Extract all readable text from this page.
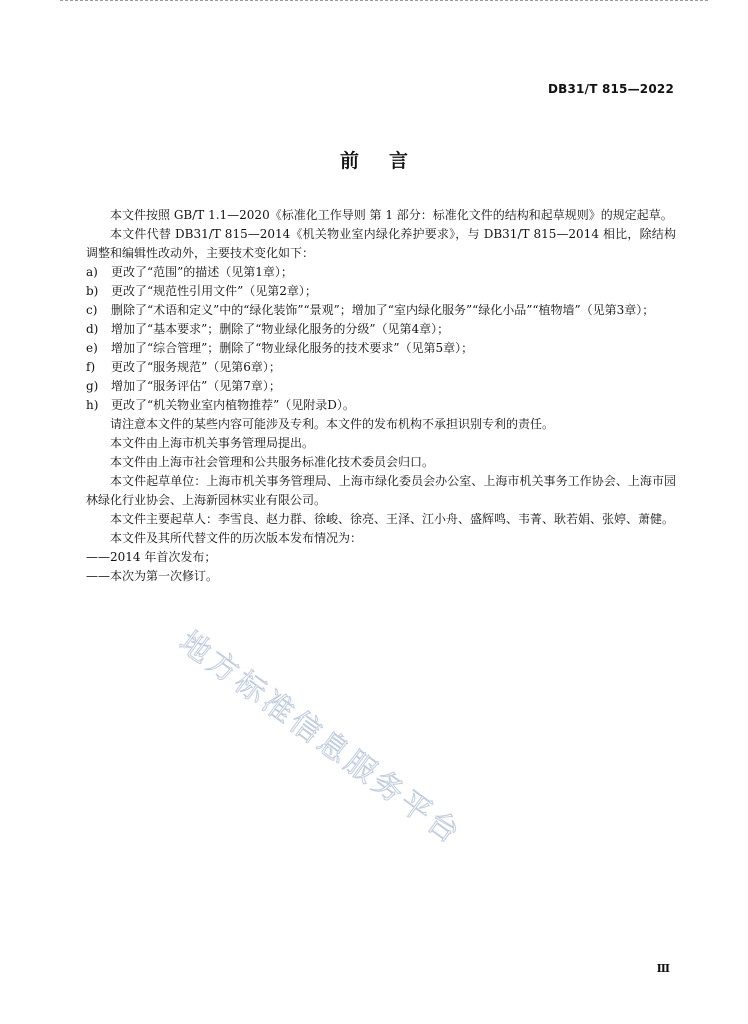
DB31/T 815—2022
前言

本文件按照 GB/T 1.1—2020《标准化工作导则 第 1 部分：标准化文件的结构和起草规则》的规定起草。

本文件代替 DB31/T 815—2014《机关物业室内绿化养护要求》，与 DB31/T 815—2014 相比，除结构调整和编辑性改动外，主要技术变化如下：

a)	更改了“范围”的描述（见第1章）；

b)	更改了“规范性引用文件”（见第2章）；

c)	删除了“术语和定义”中的“绿化装饰”“景观”；增加了“室内绿化服务”“绿化小品”“植物墙”（见第3章）；

d)	增加了“基本要求”；删除了“物业绿化服务的分级”（见第4章）；

e)	增加了“综合管理”；删除了“物业绿化服务的技术要求”（见第5章）；

f)	更改了“服务规范”（见第6章）；

g)	增加了“服务评估”（见第7章）；

h)	更改了“机关物业室内植物推荐”（见附录D）。

请注意本文件的某些内容可能涉及专利。本文件的发布机构不承担识别专利的责任。

本文件由上海市机关事务管理局提出。

本文件由上海市社会管理和公共服务标准化技术委员会归口。

本文件起草单位：上海市机关事务管理局、上海市绿化委员会办公室、上海市机关事务工作协会、上海市园林绿化行业协会、上海新园林实业有限公司。

本文件主要起草人：李雪良、赵力群、徐峻、徐亮、王泽、江小舟、盛辉鸣、韦菁、耿若娟、张婷、萧健。

本文件及其所代替文件的历次版本发布情况为：

——2014 年首次发布；

——本次为第一次修订。

地方标准信息服务平台
Ⅲ
